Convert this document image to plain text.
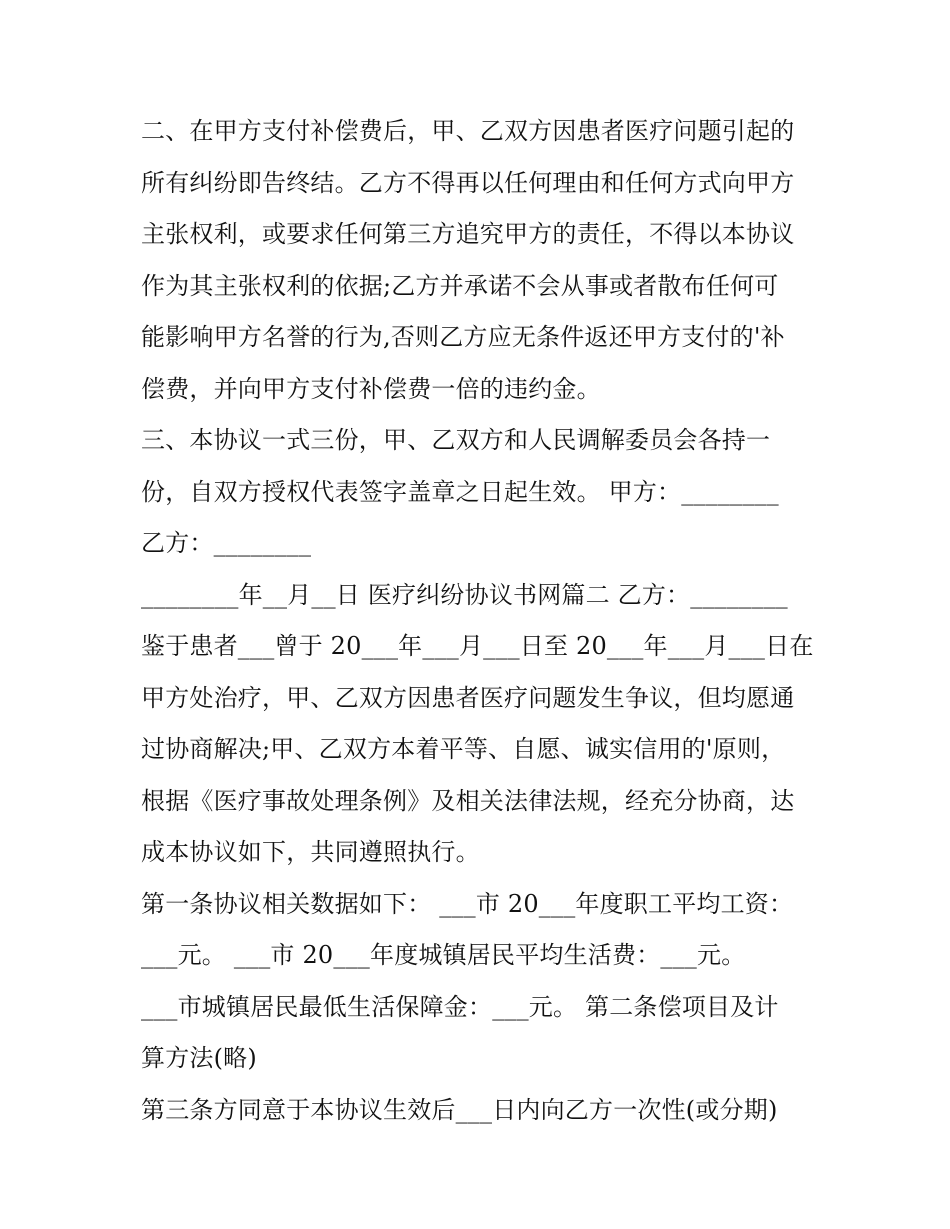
二、在甲方支付补偿费后，甲、乙双方因患者医疗问题引起的
所有纠纷即告终结。乙方不得再以任何理由和任何方式向甲方
主张权利，或要求任何第三方追究甲方的责任，不得以本协议
作为其主张权利的依据;乙方并承诺不会从事或者散布任何可
能影响甲方名誉的行为,否则乙方应无条件返还甲方支付的'补
偿费，并向甲方支付补偿费一倍的违约金。
三、本协议一式三份，甲、乙双方和人民调解委员会各持一
份，自双方授权代表签字盖章之日起生效。 甲方：________
乙方：________
________年__月__日 医疗纠纷协议书网篇二 乙方：________
鉴于患者___曾于 20___年___月___日至 20___年___月___日在
甲方处治疗，甲、乙双方因患者医疗问题发生争议，但均愿通
过协商解决;甲、乙双方本着平等、自愿、诚实信用的'原则，
根据《医疗事故处理条例》及相关法律法规，经充分协商，达
成本协议如下，共同遵照执行。
第一条协议相关数据如下： ___市 20___年度职工平均工资：
___元。 ___市 20___年度城镇居民平均生活费：___元。
___市城镇居民最低生活保障金：___元。 第二条偿项目及计
算方法(略)
第三条方同意于本协议生效后___日内向乙方一次性(或分期)
